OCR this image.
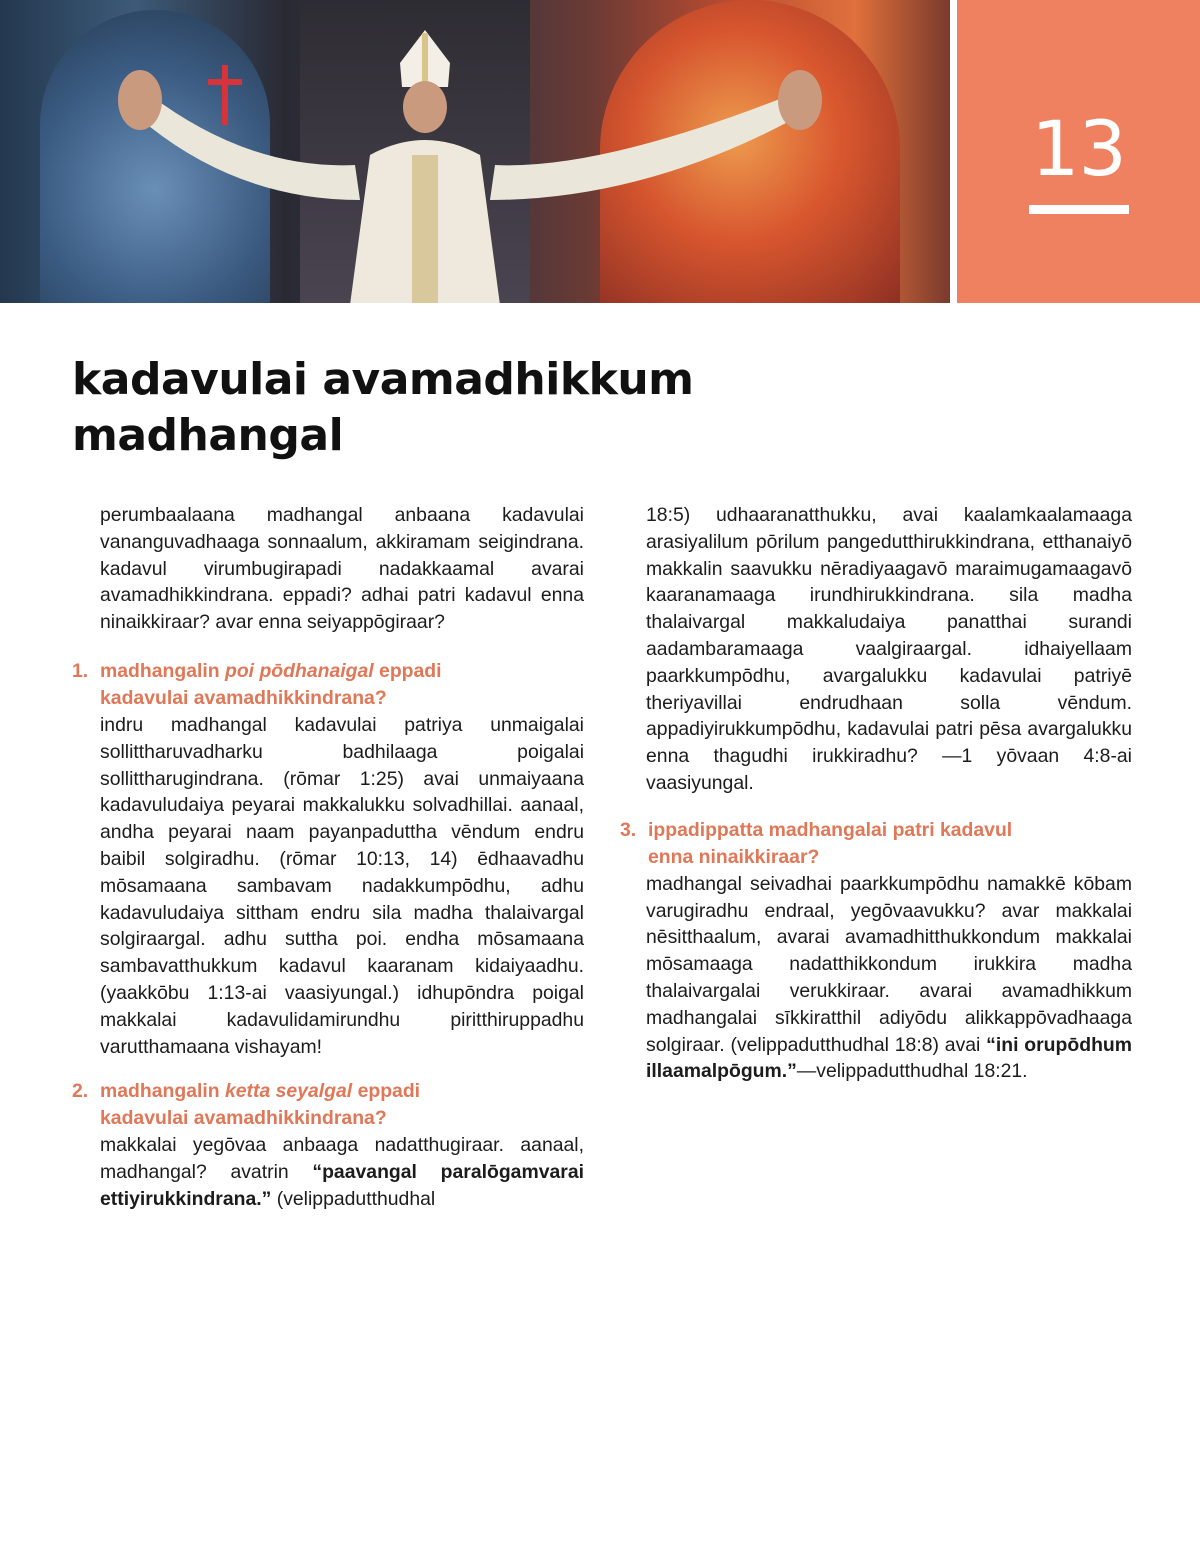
13
kadavulai avamadhikkum
madhangal

perumbaalaana madhangal anbaana kadavulai vananguvadhaaga sonnaalum, akkiramam seigindrana. kadavul virumbugirapadi nadakkaamal avarai avamadhikkindrana. eppadi? adhai patri kadavul enna ninaikkiraar? avar enna seiyappōgiraar?

1. madhangalin poi pōdhanaigal eppadi
kadavulai avamadhikkindrana?

indru madhangal kadavulai patriya unmaigalai sollittharuvadharku badhilaaga poigalai sollittharugindrana. (rōmar 1:25) avai unmaiyaana kadavuludaiya peyarai makkalukku solvadhillai. aanaal, andha peyarai naam payanpaduttha vēndum endru baibil solgiradhu. (rōmar 10:13, 14) ēdhaavadhu mōsamaana sambavam nadakkumpōdhu, adhu kadavuludaiya sittham endru sila madha thalaivargal solgiraargal. adhu suttha poi. endha mōsamaana sambavatthukkum kadavul kaaranam kidaiyaadhu. (yaakkōbu 1:13-ai vaasiyungal.) idhupōndra poigal makkalai kadavulidamirundhu piritthiruppadhu varutthamaana vishayam!

2. madhangalin ketta seyalgal eppadi
kadavulai avamadhikkindrana?

makkalai yegōvaa anbaaga nadatthugiraar. aanaal, madhangal? avatrin “paavangal paralōgamvarai ettiyirukkindrana.” (velippadutthudhal

18:5) udhaaranatthukku, avai kaalamkaalamaaga arasiyalilum pōrilum pangedutthirukkindrana, etthanaiyō makkalin saavukku nēradiyaagavō maraimugamaagavō kaaranamaaga irundhirukkindrana. sila madha thalaivargal makkaludaiya panatthai surandi aadambaramaaga vaalgiraargal. idhaiyellaam paarkkumpōdhu, avargalukku kadavulai patriyē theriyavillai endrudhaan solla vēndum. appadiyirukkumpōdhu, kadavulai patri pēsa avargalukku enna thagudhi irukkiradhu? —1 yōvaan 4:8-ai vaasiyungal.

3. ippadippatta madhangalai patri kadavul
enna ninaikkiraar?

madhangal seivadhai paarkkumpōdhu namakkē kōbam varugiradhu endraal, yegōvaavukku? avar makkalai nēsitthaalum, avarai avamadhitthukkondum makkalai mōsamaaga nadatthikkondum irukkira madha thalaivargalai verukkiraar. avarai avamadhikkum madhangalai sīkkiratthil adiyōdu alikkappōvadhaaga solgiraar. (velippadutthudhal 18:8) avai “ini orupōdhum illaamalpōgum.”—velippadutthudhal 18:21.
